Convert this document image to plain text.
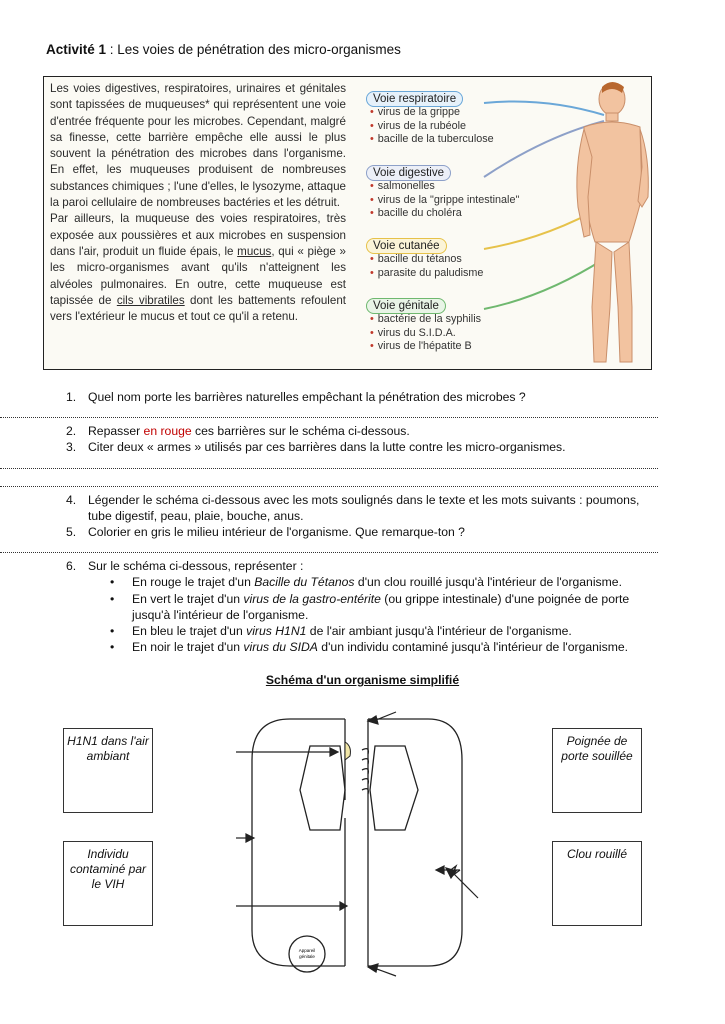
Activité 1 : Les voies de pénétration des micro-organismes

Les voies digestives, respiratoires, urinaires et génitales sont tapissées de muqueuses* qui représentent une voie d'entrée fréquente pour les microbes. Cependant, malgré sa finesse, cette barrière empêche elle aussi le plus souvent la pénétration des microbes dans l'organisme. En effet, les muqueuses produisent de nombreuses substances chimiques ; l'une d'elles, le lysozyme, attaque la paroi cellulaire de nombreuses bactéries et les détruit.

Par ailleurs, la muqueuse des voies respiratoires, très exposée aux poussières et aux microbes en suspension dans l'air, produit un fluide épais, le mucus, qui « piège » les micro-organismes avant qu'ils n'atteignent les alvéoles pulmonaires. En outre, cette muqueuse est tapissée de cils vibratiles dont les battements refoulent vers l'extérieur le mucus et tout ce qu'il a retenu.

Voie respiratoire
• virus de la grippe
• virus de la rubéole
• bacille de la tuberculose
Voie digestive
• salmonelles
• virus de la "grippe intestinale"
• bacille du choléra
Voie cutanée
• bacille du tétanos
• parasite du paludisme
Voie génitale
• bactérie de la syphilis
• virus du S.I.D.A.
• virus de l'hépatite B
1. Quel nom porte les barrières naturelles empêchant la pénétration des microbes ?
2. Repasser en rouge ces barrières sur le schéma ci-dessous.
3. Citer deux « armes » utilisés par ces barrières dans la lutte contre les micro-organismes.
4. Légender le schéma ci-dessous avec les mots soulignés dans le texte et les mots suivants : poumons, tube digestif, peau, plaie, bouche, anus.
5. Colorier en gris le milieu intérieur de l'organisme. Que remarque-ton ?
6. Sur le schéma ci-dessous, représenter :
• En rouge le trajet d'un Bacille du Tétanos d'un clou rouillé jusqu'à l'intérieur de l'organisme.
• En vert le trajet d'un virus de la gastro-entérite (ou grippe intestinale) d'une poignée de porte jusqu'à l'intérieur de l'organisme.
• En bleu le trajet d'un virus H1N1 de l'air ambiant jusqu'à l'intérieur de l'organisme.
• En noir le trajet d'un virus du SIDA d'un individu contaminé jusqu'à l'intérieur de l'organisme.
Schéma d'un organisme simplifié
H1N1 dans l'air ambiant
Poignée de porte souillée
Individu contaminé par le VIH
Clou rouillé
Appareil
génitale
